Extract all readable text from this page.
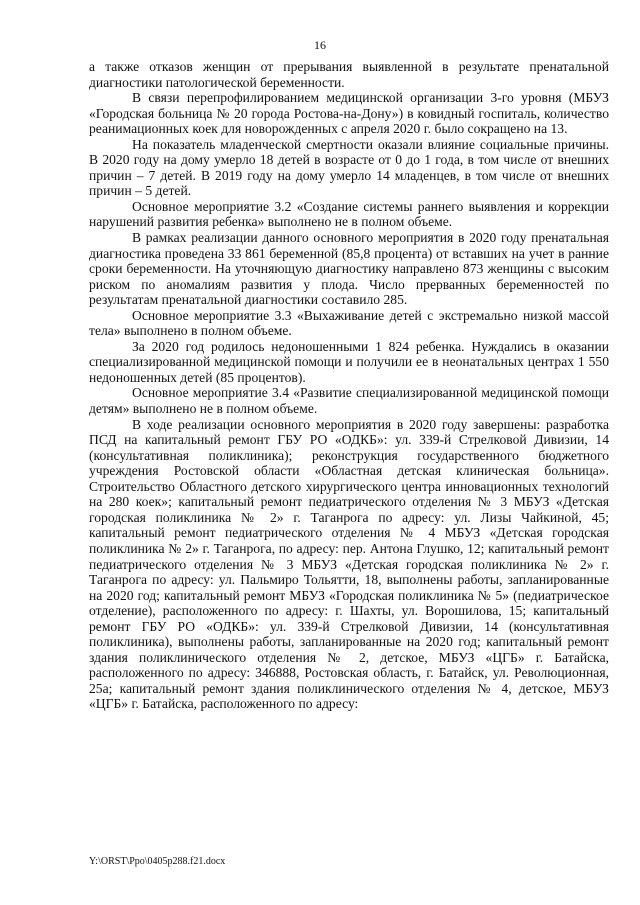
16

а также отказов женщин от прерывания выявленной в результате пренатальной диагностики патологической беременности.

В связи перепрофилированием медицинской организации 3-го уровня (МБУЗ «Городская больница № 20 города Ростова-на-Дону») в ковидный госпиталь, количество реанимационных коек для новорожденных с апреля 2020 г. было сокращено на 13.

На показатель младенческой смертности оказали влияние социальные причины. В 2020 году на дому умерло 18 детей в возрасте от 0 до 1 года, в том числе от внешних причин – 7 детей. В 2019 году на дому умерло 14 младенцев, в том числе от внешних причин – 5 детей.

Основное мероприятие 3.2 «Создание системы раннего выявления и коррекции нарушений развития ребенка» выполнено не в полном объеме.

В рамках реализации данного основного мероприятия в 2020 году пренатальная диагностика проведена 33 861 беременной (85,8 процента) от вставших на учет в ранние сроки беременности. На уточняющую диагностику направлено 873 женщины с высоким риском по аномалиям развития у плода. Число прерванных беременностей по результатам пренатальной диагностики составило 285.

Основное мероприятие 3.3 «Выхаживание детей с экстремально низкой массой тела» выполнено в полном объеме.

За 2020 год родилось недоношенными 1 824 ребенка. Нуждались в оказании специализированной медицинской помощи и получили ее в неонатальных центрах 1 550 недоношенных детей (85 процентов).

Основное мероприятие 3.4 «Развитие специализированной медицинской помощи детям» выполнено не в полном объеме.

В ходе реализации основного мероприятия в 2020 году завершены: разработка ПСД на капитальный ремонт ГБУ РО «ОДКБ»: ул. 339-й Стрелковой Дивизии, 14 (консультативная поликлиника); реконструкция государственного бюджетного учреждения Ростовской области «Областная детская клиническая больница». Строительство Областного детского хирургического центра инновационных технологий на 280 коек»; капитальный ремонт педиатрического отделения № 3 МБУЗ «Детская городская поликлиника № 2» г. Таганрога по адресу: ул. Лизы Чайкиной, 45; капитальный ремонт педиатрического отделения № 4 МБУЗ «Детская городская поликлиника № 2» г. Таганрога, по адресу: пер. Антона Глушко, 12; капитальный ремонт педиатрического отделения № 3 МБУЗ «Детская городская поликлиника № 2» г. Таганрога по адресу: ул. Пальмиро Тольятти, 18, выполнены работы, запланированные на 2020 год; капитальный ремонт МБУЗ «Городская поликлиника № 5» (педиатрическое отделение), расположенного по адресу: г. Шахты, ул. Ворошилова, 15; капитальный ремонт ГБУ РО «ОДКБ»: ул. 339-й Стрелковой Дивизии, 14 (консультативная поликлиника), выполнены работы, запланированные на 2020 год; капитальный ремонт здания поликлинического отделения № 2, детское, МБУЗ «ЦГБ» г. Батайска, расположенного по адресу: 346888, Ростовская область, г. Батайск, ул. Революционная, 25а; капитальный ремонт здания поликлинического отделения № 4, детское, МБУЗ «ЦГБ» г. Батайска, расположенного по адресу:

Y:\ORST\Ppo\0405p288.f21.docx
